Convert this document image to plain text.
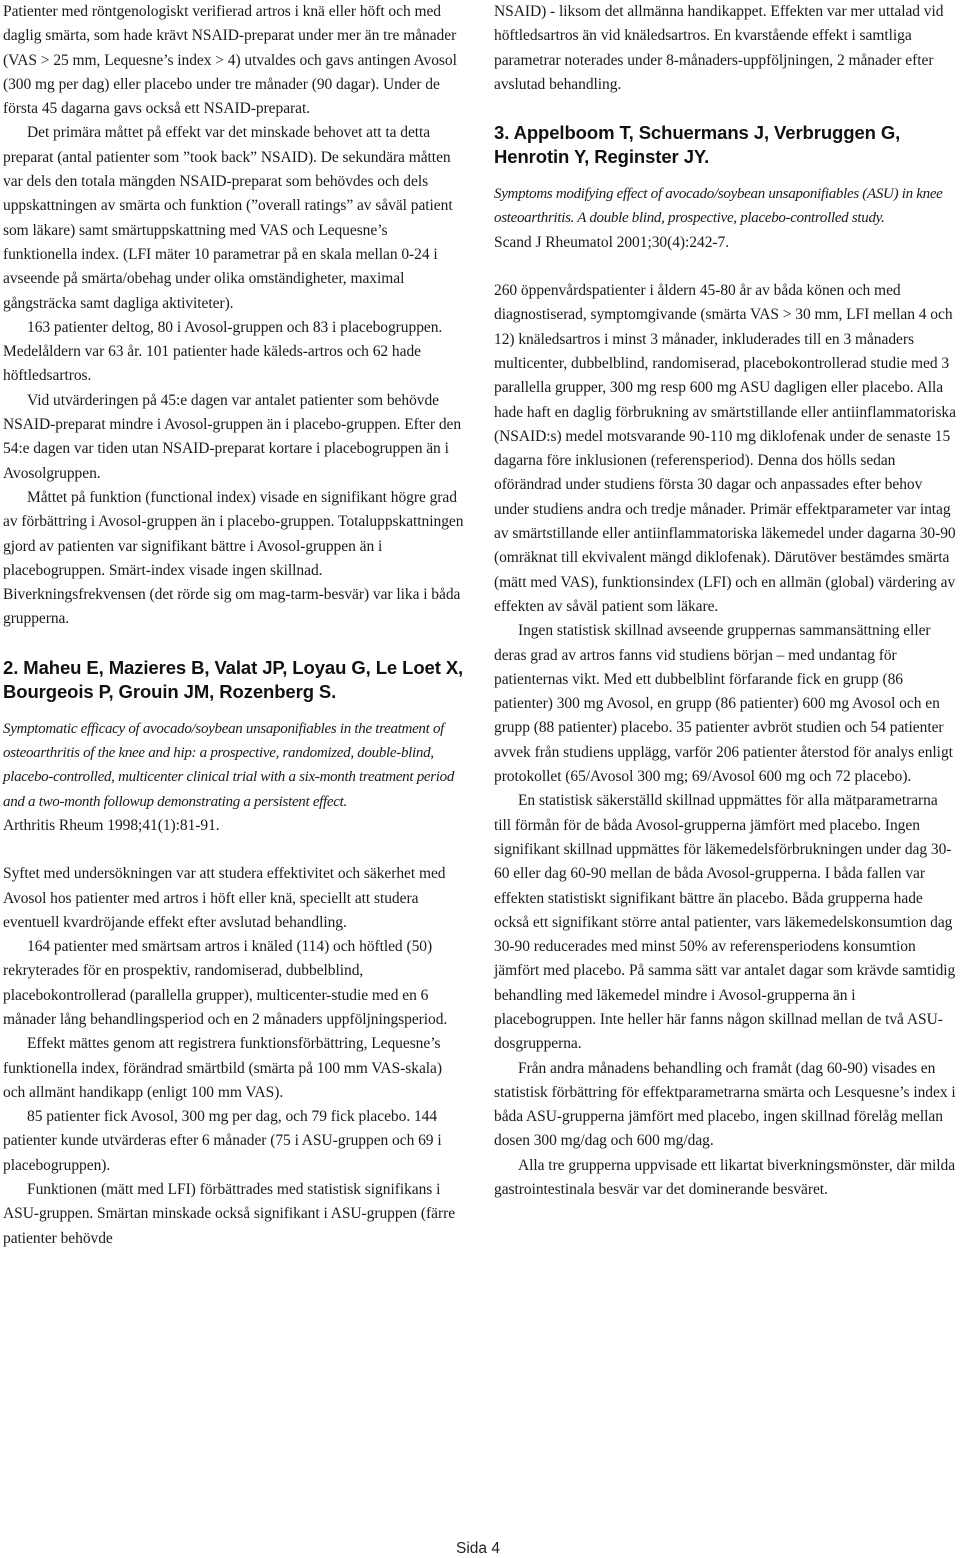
Patienter med röntgenologiskt verifierad artros i knä eller höft och med daglig smärta, som hade krävt NSAID-preparat under mer än tre månader (VAS > 25 mm, Lequesne’s index > 4) utvaldes och gavs antingen Avosol (300 mg per dag) eller placebo under tre månader (90 dagar). Under de första 45 dagarna gavs också ett NSAID-preparat.

Det primära måttet på effekt var det minskade behovet att ta detta preparat (antal patienter som ”took back” NSAID). De sekundära måtten var dels den totala mängden NSAID-preparat som behövdes och dels uppskattningen av smärta och funktion (”overall ratings” av såväl patient som läkare) samt smärtuppskattning med VAS och Lequesne’s funktionella index. (LFI mäter 10 parametrar på en skala mellan 0-24 i avseende på smärta/obehag under olika omständigheter, maximal gångsträcka samt dagliga aktiviteter).

163 patienter deltog, 80 i Avosol-gruppen och 83 i placebogruppen. Medelåldern var 63 år. 101 patienter hade käleds-artros och 62 hade höftledsartros.

Vid utvärderingen på 45:e dagen var antalet patienter som behövde NSAID-preparat mindre i Avosol-gruppen än i placebo-gruppen. Efter den 54:e dagen var tiden utan NSAID-preparat kortare i placebogruppen än i Avosolgruppen.

Måttet på funktion (functional index) visade en signifikant högre grad av förbättring i Avosol-gruppen än i placebo-gruppen. Totaluppskattningen gjord av patienten var signifikant bättre i Avosol-gruppen än i placebogruppen. Smärt-index visade ingen skillnad. Biverkningsfrekvensen (det rörde sig om mag-tarm-besvär) var lika i båda grupperna.

2. Maheu E, Mazieres B, Valat JP, Loyau G, Le Loet X, Bourgeois P, Grouin JM, Rozenberg S.

Symptomatic efficacy of avocado/soybean unsaponifiables in the treatment of osteoarthritis of the knee and hip: a prospective, randomized, double-blind, placebo-controlled, multicenter clinical trial with a six-month treatment period and a two-month followup demonstrating a persistent effect.

Arthritis Rheum 1998;41(1):81-91.

Syftet med undersökningen var att studera effektivitet och säkerhet med Avosol hos patienter med artros i höft eller knä, speciellt att studera eventuell kvardröjande effekt efter avslutad behandling.

164 patienter med smärtsam artros i knäled (114) och höftled (50) rekryterades för en prospektiv, randomiserad, dubbelblind, placebokontrollerad (parallella grupper), multicenter-studie med en 6 månader lång behandlingsperiod och en 2 månaders uppföljningsperiod.

Effekt mättes genom att registrera funktionsförbättring, Lequesne’s funktionella index, förändrad smärtbild (smärta på 100 mm VAS-skala) och allmänt handikapp (enligt 100 mm VAS).

85 patienter fick Avosol, 300 mg per dag, och 79 fick placebo. 144 patienter kunde utvärderas efter 6 månader (75 i ASU-gruppen och 69 i placebogruppen).

Funktionen (mätt med LFI) förbättrades med statistisk signifikans i ASU-gruppen. Smärtan minskade också signifikant i ASU-gruppen (färre patienter behövde

NSAID) - liksom det allmänna handikappet. Effekten var mer uttalad vid höftledsartros än vid knäledsartros. En kvarstående effekt i samtliga parametrar noterades under 8-månaders-uppföljningen, 2 månader efter avslutad behandling.

3. Appelboom T, Schuermans J, Verbruggen G, Henrotin Y, Reginster JY.

Symptoms modifying effect of avocado/soybean unsaponifiables (ASU) in knee osteoarthritis. A double blind, prospective, placebo-controlled study.

Scand J Rheumatol 2001;30(4):242-7.

260 öppenvårdspatienter i åldern 45-80 år av båda könen och med diagnostiserad, symptomgivande (smärta VAS > 30 mm, LFI mellan 4 och 12) knäledsartros i minst 3 månader, inkluderades till en 3 månaders multicenter, dubbelblind, randomiserad, placebokontrollerad studie med 3 parallella grupper, 300 mg resp 600 mg ASU dagligen eller placebo. Alla hade haft en daglig förbrukning av smärtstillande eller antiinflammatoriska (NSAID:s) medel motsvarande 90-110 mg diklofenak under de senaste 15 dagarna före inklusionen (referensperiod). Denna dos hölls sedan oförändrad under studiens första 30 dagar och anpassades efter behov under studiens andra och tredje månader. Primär effektparameter var intag av smärtstillande eller antiinflammatoriska läkemedel under dagarna 30-90 (omräknat till ekvivalent mängd diklofenak). Därutöver bestämdes smärta (mätt med VAS), funktionsindex (LFI) och en allmän (global) värdering av effekten av såväl patient som läkare.

Ingen statistisk skillnad avseende gruppernas sammansättning eller deras grad av artros fanns vid studiens början – med undantag för patienternas vikt. Med ett dubbelblint förfarande fick en grupp (86 patienter) 300 mg Avosol, en grupp (86 patienter) 600 mg Avosol och en grupp (88 patienter) placebo. 35 patienter avbröt studien och 54 patienter avvek från studiens upplägg, varför 206 patienter återstod för analys enligt protokollet (65/Avosol 300 mg; 69/Avosol 600 mg och 72 placebo).

En statistisk säkerställd skillnad uppmättes för alla mätparametrarna till förmån för de båda Avosol-grupperna jämfört med placebo. Ingen signifikant skillnad uppmättes för läkemedelsförbrukningen under dag 30-60 eller dag 60-90 mellan de båda Avosol-grupperna. I båda fallen var effekten statistiskt signifikant bättre än placebo. Båda grupperna hade också ett signifikant större antal patienter, vars läkemedelskonsumtion dag 30-90 reducerades med minst 50% av referensperiodens konsumtion jämfört med placebo. På samma sätt var antalet dagar som krävde samtidig behandling med läkemedel mindre i Avosol-grupperna än i placebogruppen. Inte heller här fanns någon skillnad mellan de två ASU-dosgrupperna.

Från andra månadens behandling och framåt (dag 60-90) visades en statistisk förbättring för effektparametrarna smärta och Lesquesne’s index i båda ASU-grupperna jämfört med placebo, ingen skillnad förelåg mellan dosen 300 mg/dag och 600 mg/dag.

Alla tre grupperna uppvisade ett likartat biverkningsmönster, där milda gastrointestinala besvär var det dominerande besväret.

Sida 4
